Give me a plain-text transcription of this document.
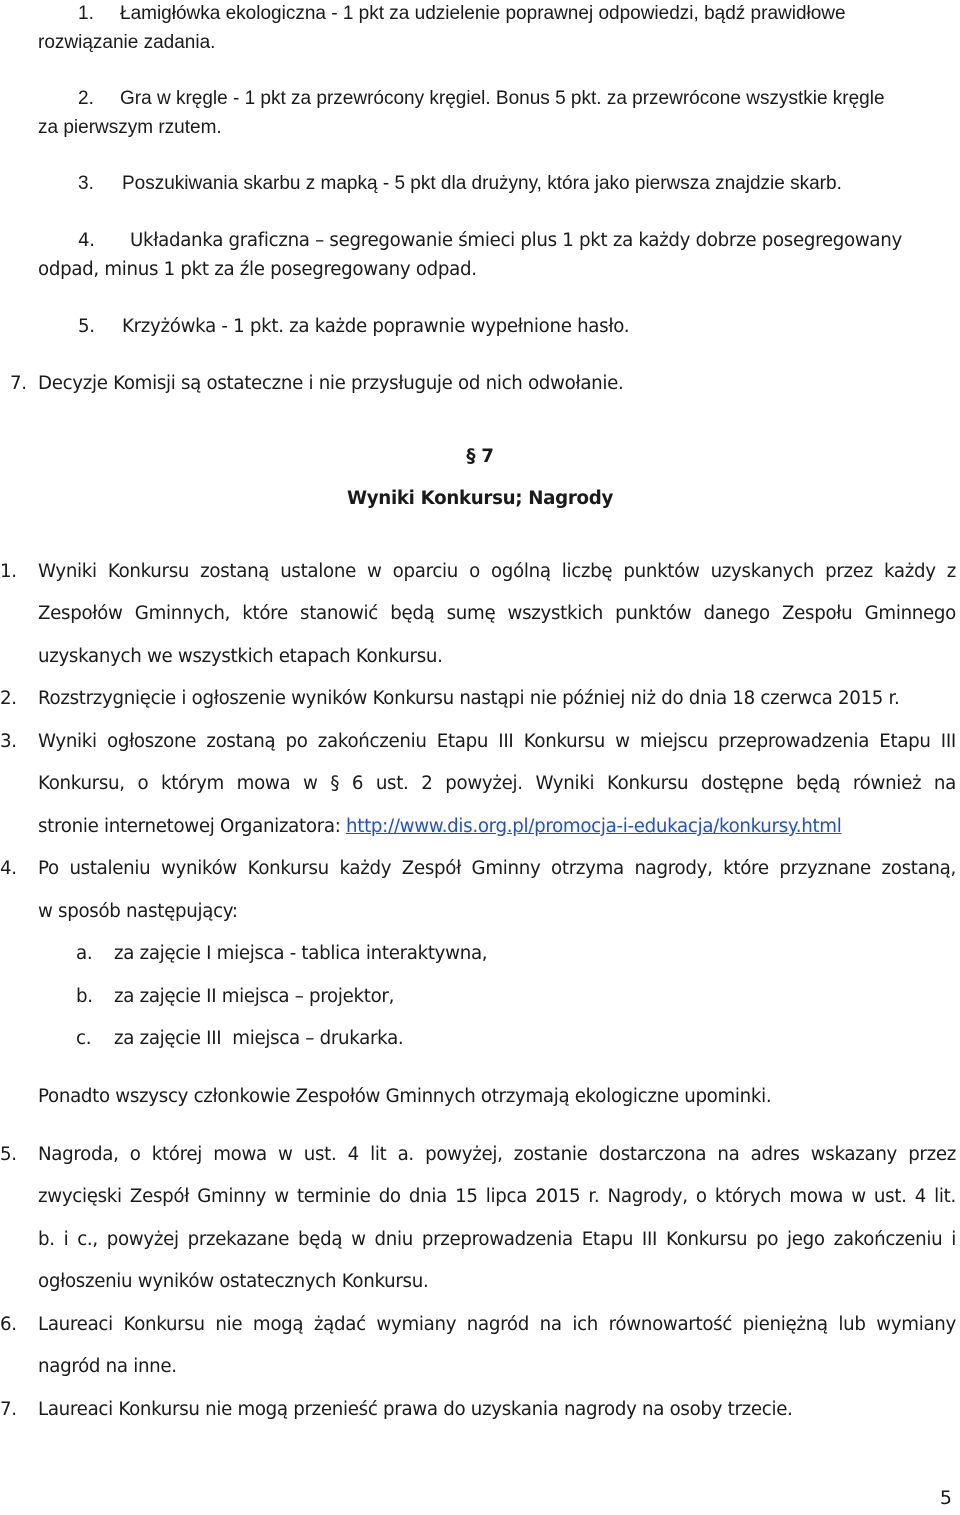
1. Łamigłówka ekologiczna - 1 pkt za udzielenie poprawnej odpowiedzi, bądź prawidłowe
rozwiązanie zadania.
2. Gra w kręgle - 1 pkt za przewrócony kręgiel. Bonus 5 pkt. za przewrócone wszystkie kręgle
za pierwszym rzutem.
3. Poszukiwania skarbu z mapką - 5 pkt dla drużyny, która jako pierwsza znajdzie skarb.
4. Układanka graficzna – segregowanie śmieci plus 1 pkt za każdy dobrze posegregowany
odpad, minus 1 pkt za źle posegregowany odpad.
5. Krzyżówka - 1 pkt. za każde poprawnie wypełnione hasło.
7. Decyzje Komisji są ostateczne i nie przysługuje od nich odwołanie.
§ 7
Wyniki Konkursu; Nagrody
1. Wyniki Konkursu zostaną ustalone w oparciu o ogólną liczbę punktów uzyskanych przez każdy z
Zespołów Gminnych, które stanowić będą sumę wszystkich punktów danego Zespołu Gminnego
uzyskanych we wszystkich etapach Konkursu.
2. Rozstrzygnięcie i ogłoszenie wyników Konkursu nastąpi nie później niż do dnia 18 czerwca 2015 r.
3. Wyniki ogłoszone zostaną po zakończeniu Etapu III Konkursu w miejscu przeprowadzenia Etapu III
Konkursu, o którym mowa w § 6 ust. 2 powyżej. Wyniki Konkursu dostępne będą również na
stronie internetowej Organizatora: http://www.dis.org.pl/promocja-i-edukacja/konkursy.html
4. Po ustaleniu wyników Konkursu każdy Zespół Gminny otrzyma nagrody, które przyznane zostaną,
w sposób następujący:
a. za zajęcie I miejsca - tablica interaktywna,
b. za zajęcie II miejsca – projektor,
c. za zajęcie III  miejsca – drukarka.
Ponadto wszyscy członkowie Zespołów Gminnych otrzymają ekologiczne upominki.
5. Nagroda, o której mowa w ust. 4 lit a. powyżej, zostanie dostarczona na adres wskazany przez
zwycięski Zespół Gminny w terminie do dnia 15 lipca 2015 r. Nagrody, o których mowa w ust. 4 lit.
b. i c., powyżej przekazane będą w dniu przeprowadzenia Etapu III Konkursu po jego zakończeniu i
ogłoszeniu wyników ostatecznych Konkursu.
6. Laureaci Konkursu nie mogą żądać wymiany nagród na ich równowartość pieniężną lub wymiany
nagród na inne.
7. Laureaci Konkursu nie mogą przenieść prawa do uzyskania nagrody na osoby trzecie.
5
